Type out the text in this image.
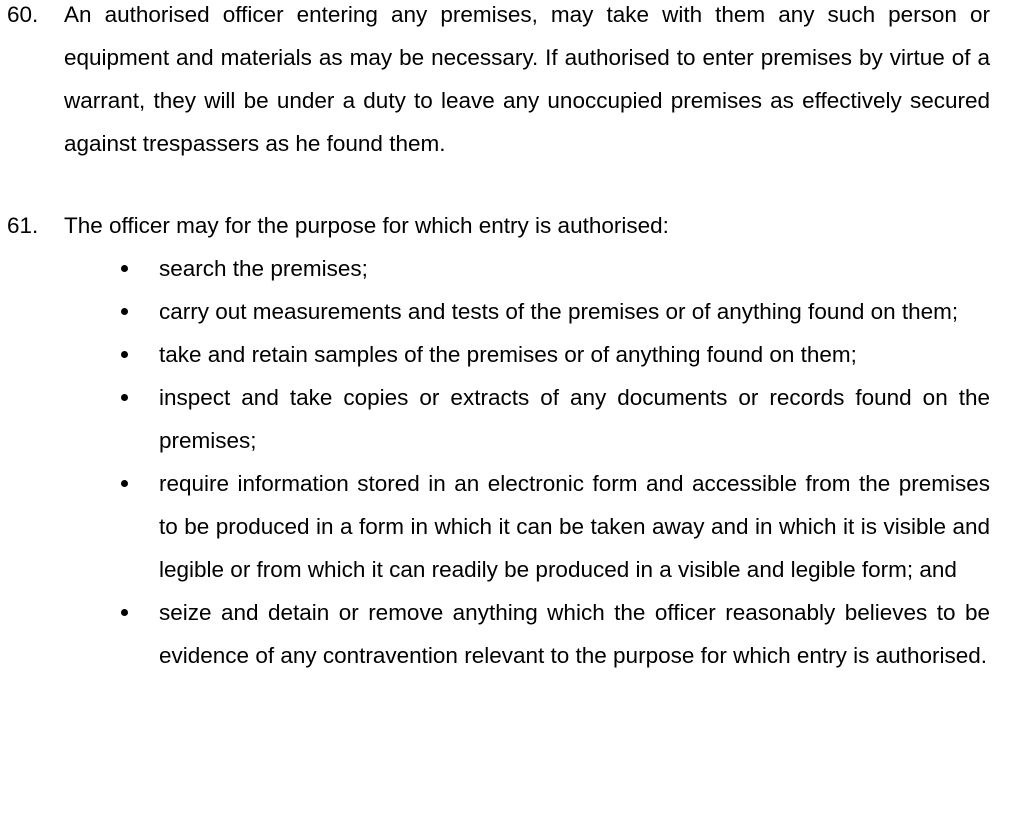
60.	An authorised officer entering any premises, may take with them any such person or equipment and materials as may be necessary. If authorised to enter premises by virtue of a warrant, they will be under a duty to leave any unoccupied premises as effectively secured against trespassers as he found them.
61.	The officer may for the purpose for which entry is authorised:
search the premises;
carry out measurements and tests of the premises or of anything found on them;
take and retain samples of the premises or of anything found on them;
inspect and take copies or extracts of any documents or records found on the premises;
require information stored in an electronic form and accessible from the premises to be produced in a form in which it can be taken away and in which it is visible and legible or from which it can readily be produced in a visible and legible form; and
seize and detain or remove anything which the officer reasonably believes to be evidence of any contravention relevant to the purpose for which entry is authorised.
